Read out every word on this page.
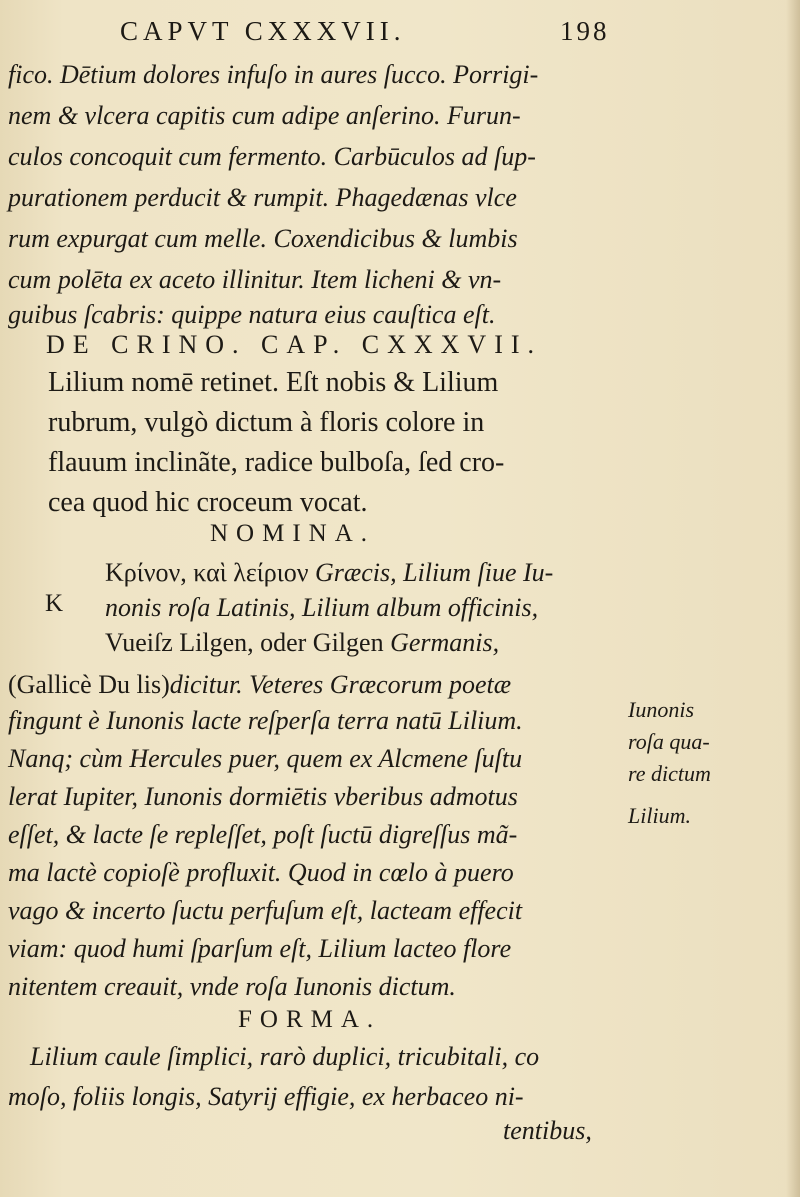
CAPVT CXXXVII.	198
fico. Dētium dolores infuſo in aures ſucco. Porrigi-
nem & vlcera capitis cum adipe anſerino. Furun-
culos concoquit cum fermento. Carbūculos ad ſup-
purationem perducit & rumpit. Phagedænas vlce
rum expurgat cum melle. Coxendicibus & lumbis
cum polēta ex aceto illinitur. Item licheni & vn-
guibus ſcabris: quippe natura eius cauſtica eſt.
DE CRINO. CAP. CXXXVII.
Lilium nomē retinet. Eſt nobis & Lilium
rubrum, vulgò dictum à floris colore in
flauum inclinãte, radice bulboſa, ſed cro-
cea quod hic croceum vocat.
NOMINA.
Κρίνον, καὶ λείριον Græcis, Lilium ſiue Iu-
K nonis roſa Latinis, Lilium album officinis,
Vueiſz Lilgen, oder Gilgen Germanis,
(Gallicè Du lis)dicitur. Veteres Græcorum poetæ
fingunt è Iunonis lacte reſperſa terra natū Lilium.
Nanq; cùm Hercules puer, quem ex Alcmene ſuſtu
lerat Iupiter, Iunonis dormiētis vberibus admotus
eſſet, & lacte ſe repleſſet, poſt ſuctū digreſſus mã-
ma lactè copioſè profluxit. Quod in cœlo à puero
vago & incerto ſuctu perfuſum eſt, lacteam effecit
viam: quod humi ſparſum eſt, Lilium lacteo flore
nitentem creauit, vnde roſa Iunonis dictum.
Iunonis
roſa qua-
re dictum
Lilium.
FORMA.
Lilium caule ſimplici, rarò duplici, tricubitali, co
moſo, foliis longis, Satyrij effigie, ex herbaceo ni-
tentibus,
